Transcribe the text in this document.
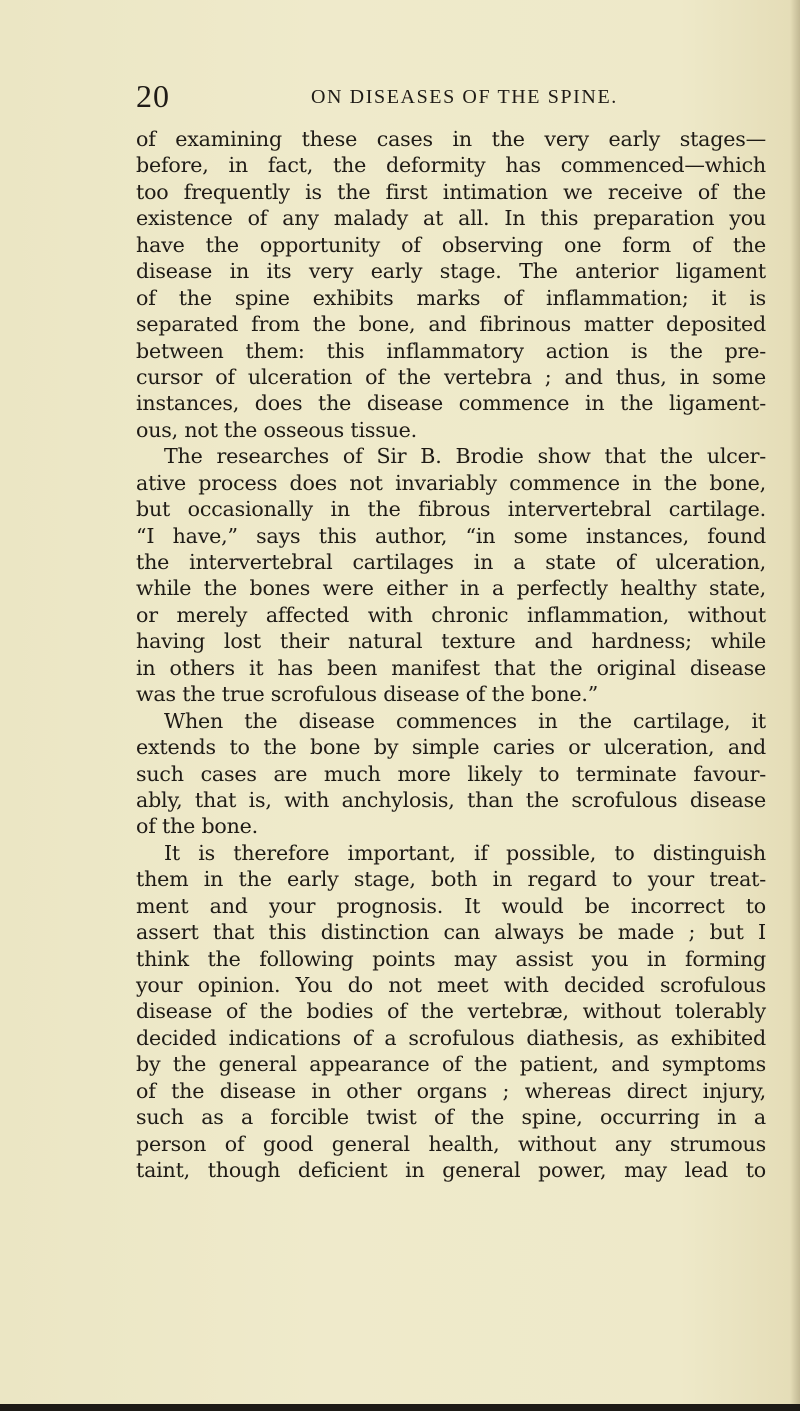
20	ON DISEASES OF THE SPINE.
of examining these cases in the very early stages—
before, in fact, the deformity has commenced—which
too frequently is the first intimation we receive of the
existence of any malady at all. In this preparation you
have the opportunity of observing one form of the
disease in its very early stage. The anterior ligament
of the spine exhibits marks of inflammation; it is
separated from the bone, and fibrinous matter deposited
between them: this inflammatory action is the pre-
cursor of ulceration of the vertebra ; and thus, in some
instances, does the disease commence in the ligament-
ous, not the osseous tissue.
The researches of Sir B. Brodie show that the ulcer-
ative process does not invariably commence in the bone,
but occasionally in the fibrous intervertebral cartilage.
“I have,” says this author, “in some instances, found
the intervertebral cartilages in a state of ulceration,
while the bones were either in a perfectly healthy state,
or merely affected with chronic inflammation, without
having lost their natural texture and hardness; while
in others it has been manifest that the original disease
was the true scrofulous disease of the bone.”
When the disease commences in the cartilage, it
extends to the bone by simple caries or ulceration, and
such cases are much more likely to terminate favour-
ably, that is, with anchylosis, than the scrofulous disease
of the bone.
It is therefore important, if possible, to distinguish
them in the early stage, both in regard to your treat-
ment and your prognosis. It would be incorrect to
assert that this distinction can always be made ; but I
think the following points may assist you in forming
your opinion. You do not meet with decided scrofulous
disease of the bodies of the vertebræ, without tolerably
decided indications of a scrofulous diathesis, as exhibited
by the general appearance of the patient, and symptoms
of the disease in other organs ; whereas direct injury,
such as a forcible twist of the spine, occurring in a
person of good general health, without any strumous
taint, though deficient in general power, may lead to
